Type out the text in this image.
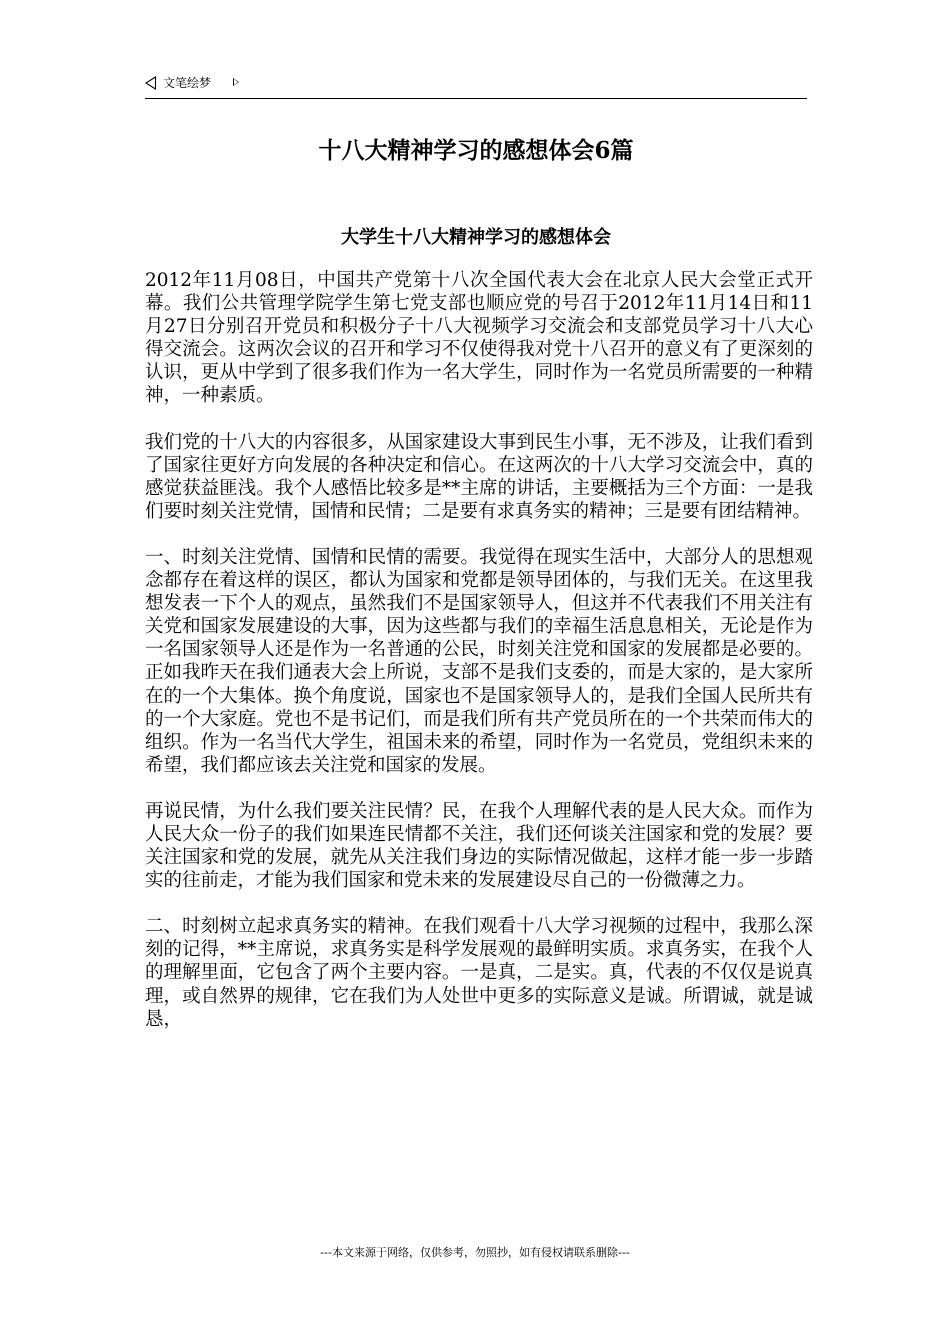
文笔绘梦
十八大精神学习的感想体会6篇
大学生十八大精神学习的感想体会

2012年11月08日，中国共产党第十八次全国代表大会在北京人民大会堂正式开幕。我们公共管理学院学生第七党支部也顺应党的号召于2012年11月14日和11月27日分别召开党员和积极分子十八大视频学习交流会和支部党员学习十八大心得交流会。这两次会议的召开和学习不仅使得我对党十八召开的意义有了更深刻的认识，更从中学到了很多我们作为一名大学生，同时作为一名党员所需要的一种精神，一种素质。

我们党的十八大的内容很多，从国家建设大事到民生小事，无不涉及，让我们看到了国家往更好方向发展的各种决定和信心。在这两次的十八大学习交流会中，真的感觉获益匪浅。我个人感悟比较多是**主席的讲话，主要概括为三个方面：一是我们要时刻关注党情，国情和民情；二是要有求真务实的精神；三是要有团结精神。

一、时刻关注党情、国情和民情的需要。我觉得在现实生活中，大部分人的思想观念都存在着这样的误区，都认为国家和党都是领导团体的，与我们无关。在这里我想发表一下个人的观点，虽然我们不是国家领导人，但这并不代表我们不用关注有关党和国家发展建设的大事，因为这些都与我们的幸福生活息息相关，无论是作为一名国家领导人还是作为一名普通的公民，时刻关注党和国家的发展都是必要的。正如我昨天在我们通表大会上所说，支部不是我们支委的，而是大家的，是大家所在的一个大集体。换个角度说，国家也不是国家领导人的，是我们全国人民所共有的一个大家庭。党也不是书记们，而是我们所有共产党员所在的一个共荣而伟大的组织。作为一名当代大学生，祖国未来的希望，同时作为一名党员，党组织未来的希望，我们都应该去关注党和国家的发展。

再说民情，为什么我们要关注民情？民，在我个人理解代表的是人民大众。而作为人民大众一份子的我们如果连民情都不关注，我们还何谈关注国家和党的发展？要关注国家和党的发展，就先从关注我们身边的实际情况做起，这样才能一步一步踏实的往前走，才能为我们国家和党未来的发展建设尽自己的一份微薄之力。

二、时刻树立起求真务实的精神。在我们观看十八大学习视频的过程中，我那么深刻的记得，**主席说，求真务实是科学发展观的最鲜明实质。求真务实，在我个人的理解里面，它包含了两个主要内容。一是真，二是实。真，代表的不仅仅是说真理，或自然界的规律，它在我们为人处世中更多的实际意义是诚。所谓诚，就是诚恳，

---本文来源于网络，仅供参考，勿照抄，如有侵权请联系删除---
